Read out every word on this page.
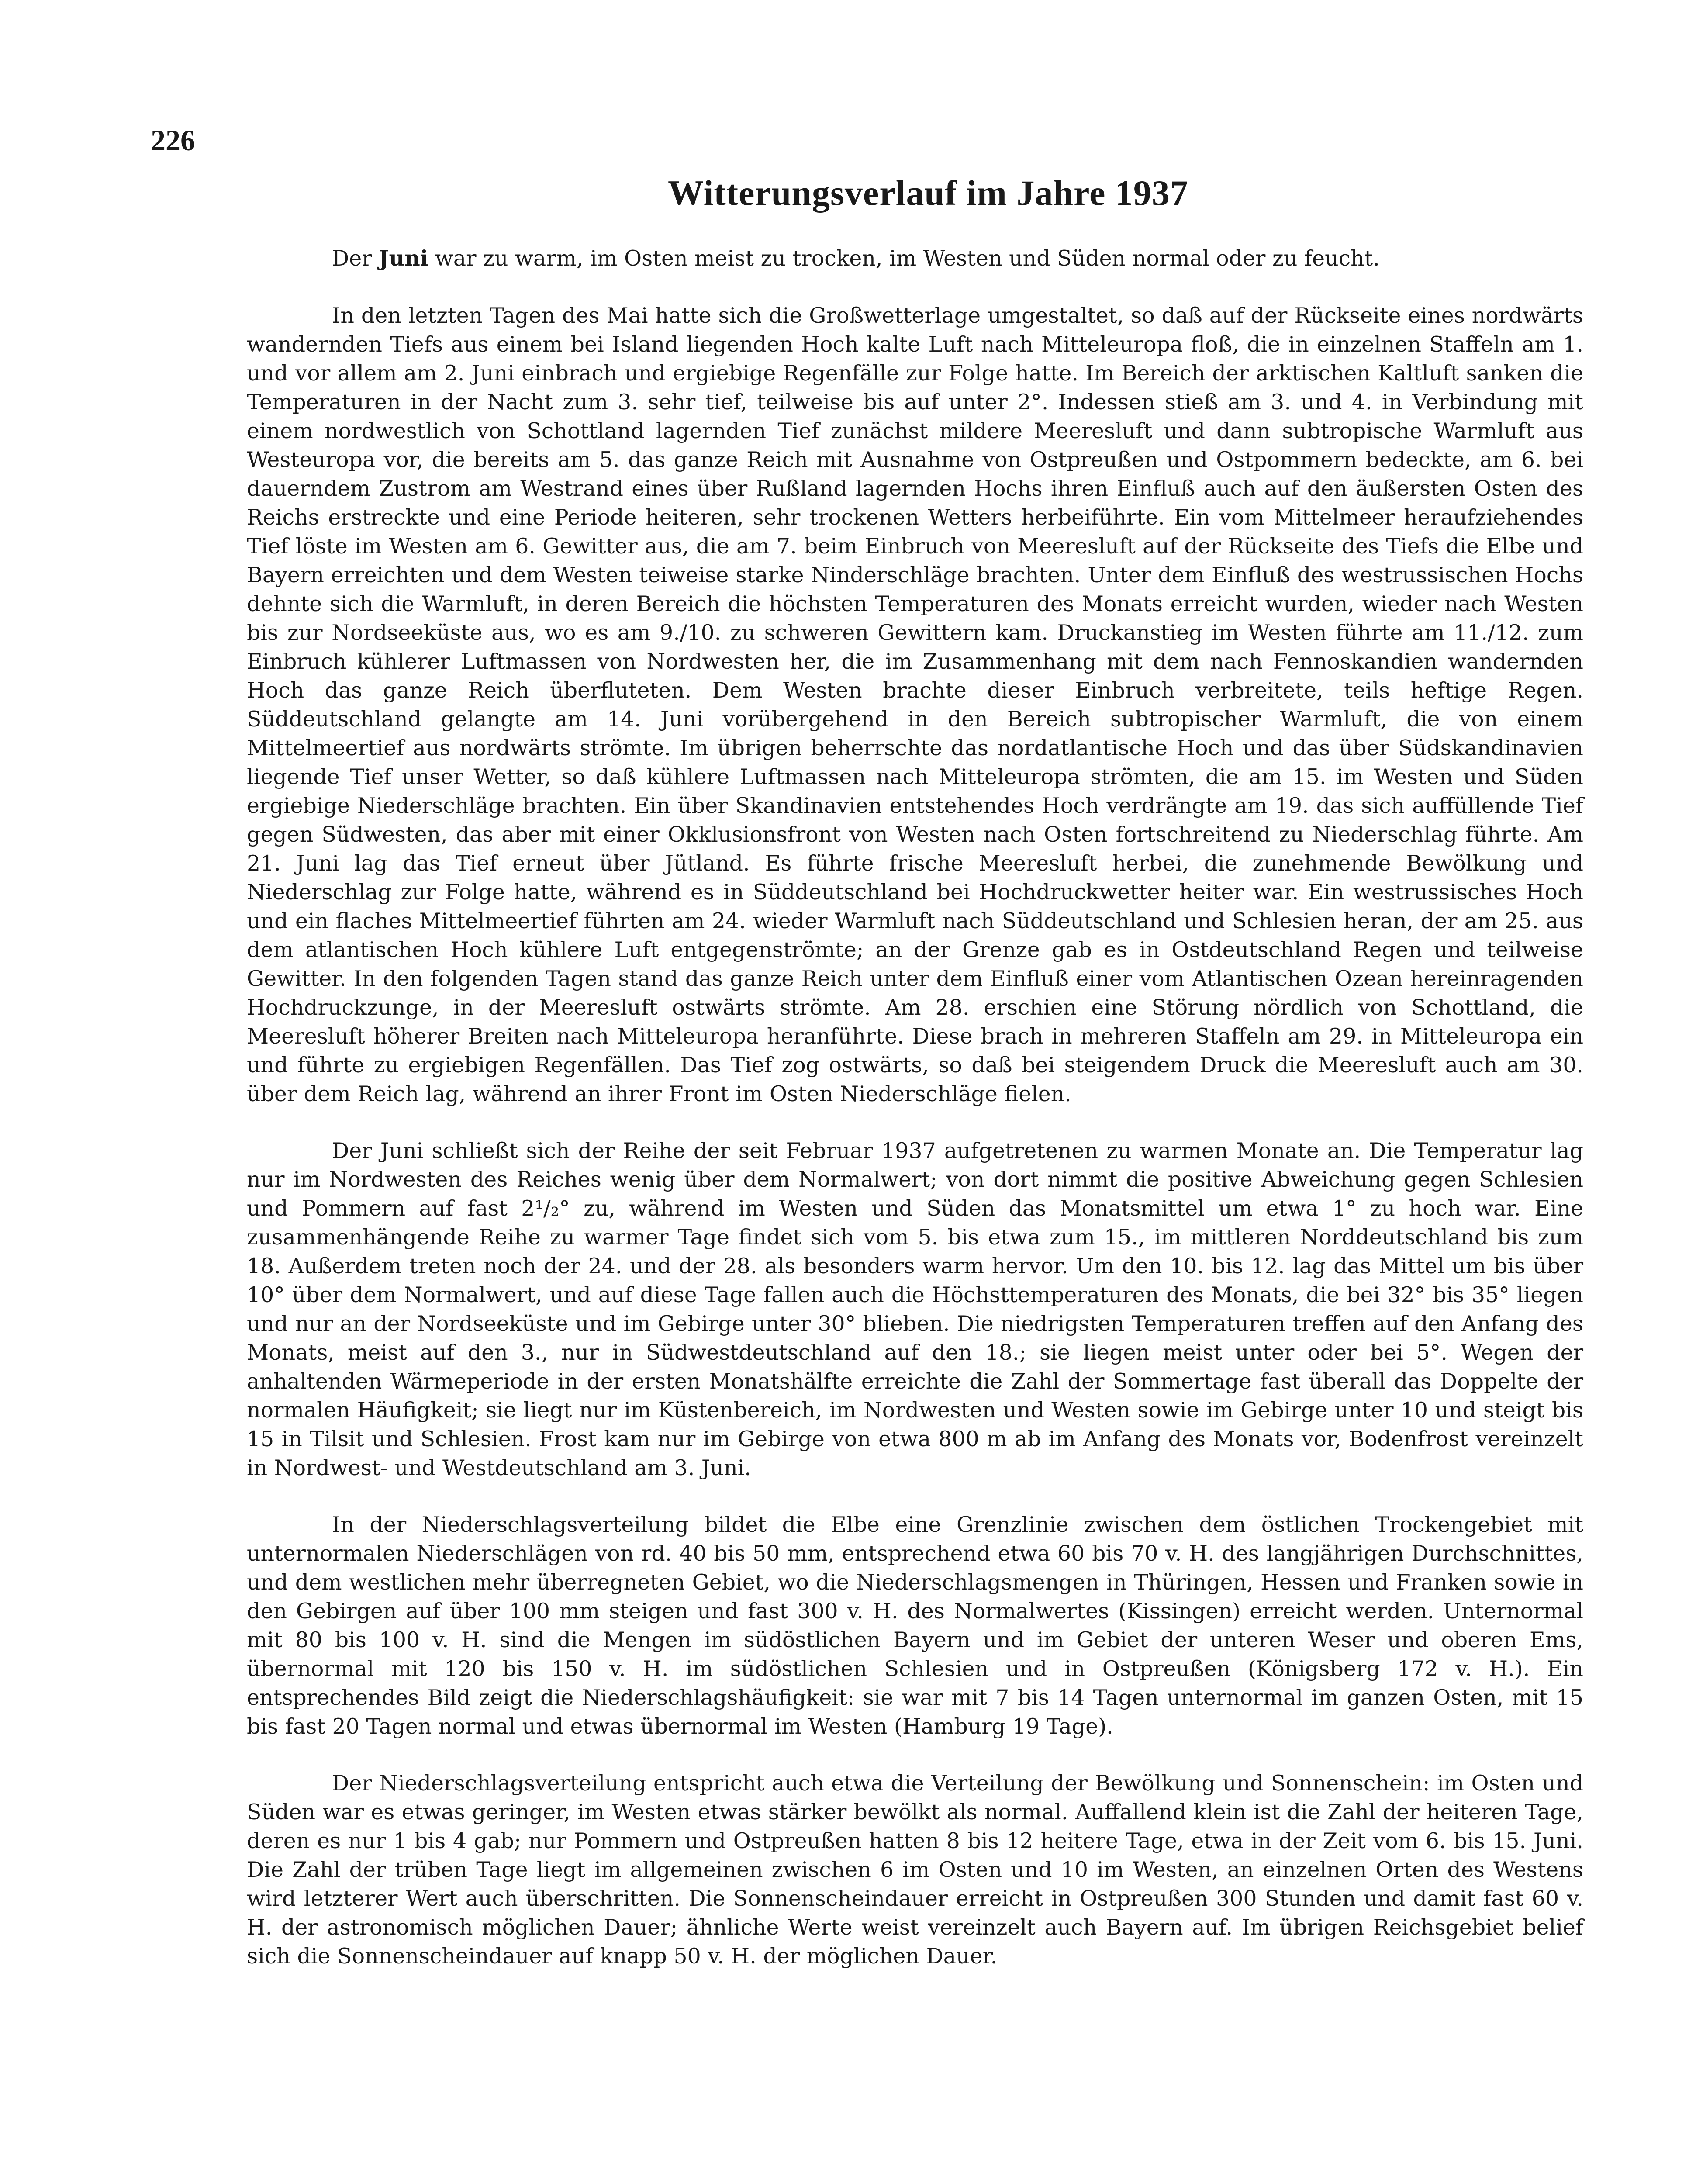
226
Witterungsverlauf im Jahre 1937
Der Juni war zu warm, im Osten meist zu trocken, im Westen und Süden normal oder zu feucht.

In den letzten Tagen des Mai hatte sich die Großwetterlage umgestaltet, so daß auf der Rückseite eines nordwärts wandernden Tiefs aus einem bei Island liegenden Hoch kalte Luft nach Mitteleuropa floß, die in einzelnen Staffeln am 1. und vor allem am 2. Juni einbrach und ergiebige Regenfälle zur Folge hatte. Im Bereich der arktischen Kaltluft sanken die Temperaturen in der Nacht zum 3. sehr tief, teilweise bis auf unter 2°. Indessen stieß am 3. und 4. in Verbindung mit einem nordwestlich von Schottland lagernden Tief zunächst mildere Meeresluft und dann subtropische Warmluft aus Westeuropa vor, die bereits am 5. das ganze Reich mit Ausnahme von Ostpreußen und Ostpommern bedeckte, am 6. bei dauerndem Zustrom am Westrand eines über Rußland lagernden Hochs ihren Einfluß auch auf den äußersten Osten des Reichs erstreckte und eine Periode heiteren, sehr trockenen Wetters herbeiführte. Ein vom Mittelmeer heraufziehendes Tief löste im Westen am 6. Gewitter aus, die am 7. beim Einbruch von Meeresluft auf der Rückseite des Tiefs die Elbe und Bayern erreichten und dem Westen teiweise starke Ninderschläge brachten. Unter dem Einfluß des westrussischen Hochs dehnte sich die Warmluft, in deren Bereich die höchsten Temperaturen des Monats erreicht wurden, wieder nach Westen bis zur Nordseeküste aus, wo es am 9./10. zu schweren Gewittern kam. Druckanstieg im Westen führte am 11./12. zum Einbruch kühlerer Luftmassen von Nordwesten her, die im Zusammenhang mit dem nach Fennoskandien wandernden Hoch das ganze Reich überfluteten. Dem Westen brachte dieser Einbruch verbreitete, teils heftige Regen. Süddeutschland gelangte am 14. Juni vorübergehend in den Bereich subtropischer Warmluft, die von einem Mittelmeertief aus nordwärts strömte. Im übrigen beherrschte das nordatlantische Hoch und das über Südskandinavien liegende Tief unser Wetter, so daß kühlere Luftmassen nach Mitteleuropa strömten, die am 15. im Westen und Süden ergiebige Niederschläge brachten. Ein über Skandinavien entstehendes Hoch verdrängte am 19. das sich auffüllende Tief gegen Südwesten, das aber mit einer Okklusionsfront von Westen nach Osten fortschreitend zu Niederschlag führte. Am 21. Juni lag das Tief erneut über Jütland. Es führte frische Meeresluft herbei, die zunehmende Bewölkung und Niederschlag zur Folge hatte, während es in Süddeutschland bei Hochdruckwetter heiter war. Ein westrussisches Hoch und ein flaches Mittelmeertief führten am 24. wieder Warmluft nach Süddeutschland und Schlesien heran, der am 25. aus dem atlantischen Hoch kühlere Luft entgegenströmte; an der Grenze gab es in Ostdeutschland Regen und teilweise Gewitter. In den folgenden Tagen stand das ganze Reich unter dem Einfluß einer vom Atlantischen Ozean hereinragenden Hochdruckzunge, in der Meeresluft ostwärts strömte. Am 28. erschien eine Störung nördlich von Schottland, die Meeresluft höherer Breiten nach Mitteleuropa heranführte. Diese brach in mehreren Staffeln am 29. in Mitteleuropa ein und führte zu ergiebigen Regenfällen. Das Tief zog ostwärts, so daß bei steigendem Druck die Meeresluft auch am 30. über dem Reich lag, während an ihrer Front im Osten Niederschläge fielen.

Der Juni schließt sich der Reihe der seit Februar 1937 aufgetretenen zu warmen Monate an. Die Temperatur lag nur im Nordwesten des Reiches wenig über dem Normalwert; von dort nimmt die positive Abweichung gegen Schlesien und Pommern auf fast 2¹/₂° zu, während im Westen und Süden das Monatsmittel um etwa 1° zu hoch war. Eine zusammenhängende Reihe zu warmer Tage findet sich vom 5. bis etwa zum 15., im mittleren Norddeutschland bis zum 18. Außerdem treten noch der 24. und der 28. als besonders warm hervor. Um den 10. bis 12. lag das Mittel um bis über 10° über dem Normalwert, und auf diese Tage fallen auch die Höchsttemperaturen des Monats, die bei 32° bis 35° liegen und nur an der Nordseeküste und im Gebirge unter 30° blieben. Die niedrigsten Temperaturen treffen auf den Anfang des Monats, meist auf den 3., nur in Südwestdeutschland auf den 18.; sie liegen meist unter oder bei 5°. Wegen der anhaltenden Wärmeperiode in der ersten Monatshälfte erreichte die Zahl der Sommertage fast überall das Doppelte der normalen Häufigkeit; sie liegt nur im Küstenbereich, im Nordwesten und Westen sowie im Gebirge unter 10 und steigt bis 15 in Tilsit und Schlesien. Frost kam nur im Gebirge von etwa 800 m ab im Anfang des Monats vor, Bodenfrost vereinzelt in Nordwest- und Westdeutschland am 3. Juni.

In der Niederschlagsverteilung bildet die Elbe eine Grenzlinie zwischen dem östlichen Trockengebiet mit unternormalen Niederschlägen von rd. 40 bis 50 mm, entsprechend etwa 60 bis 70 v. H. des langjährigen Durchschnittes, und dem westlichen mehr überregneten Gebiet, wo die Niederschlagsmengen in Thüringen, Hessen und Franken sowie in den Gebirgen auf über 100 mm steigen und fast 300 v. H. des Normalwertes (Kissingen) erreicht werden. Unternormal mit 80 bis 100 v. H. sind die Mengen im südöstlichen Bayern und im Gebiet der unteren Weser und oberen Ems, übernormal mit 120 bis 150 v. H. im südöstlichen Schlesien und in Ostpreußen (Königsberg 172 v. H.). Ein entsprechendes Bild zeigt die Niederschlagshäufigkeit: sie war mit 7 bis 14 Tagen unternormal im ganzen Osten, mit 15 bis fast 20 Tagen normal und etwas übernormal im Westen (Hamburg 19 Tage).

Der Niederschlagsverteilung entspricht auch etwa die Verteilung der Bewölkung und Sonnenschein: im Osten und Süden war es etwas geringer, im Westen etwas stärker bewölkt als normal. Auffallend klein ist die Zahl der heiteren Tage, deren es nur 1 bis 4 gab; nur Pommern und Ostpreußen hatten 8 bis 12 heitere Tage, etwa in der Zeit vom 6. bis 15. Juni. Die Zahl der trüben Tage liegt im allgemeinen zwischen 6 im Osten und 10 im Westen, an einzelnen Orten des Westens wird letzterer Wert auch überschritten. Die Sonnenscheindauer erreicht in Ostpreußen 300 Stunden und damit fast 60 v. H. der astronomisch möglichen Dauer; ähnliche Werte weist vereinzelt auch Bayern auf. Im übrigen Reichsgebiet belief sich die Sonnenscheindauer auf knapp 50 v. H. der möglichen Dauer.
